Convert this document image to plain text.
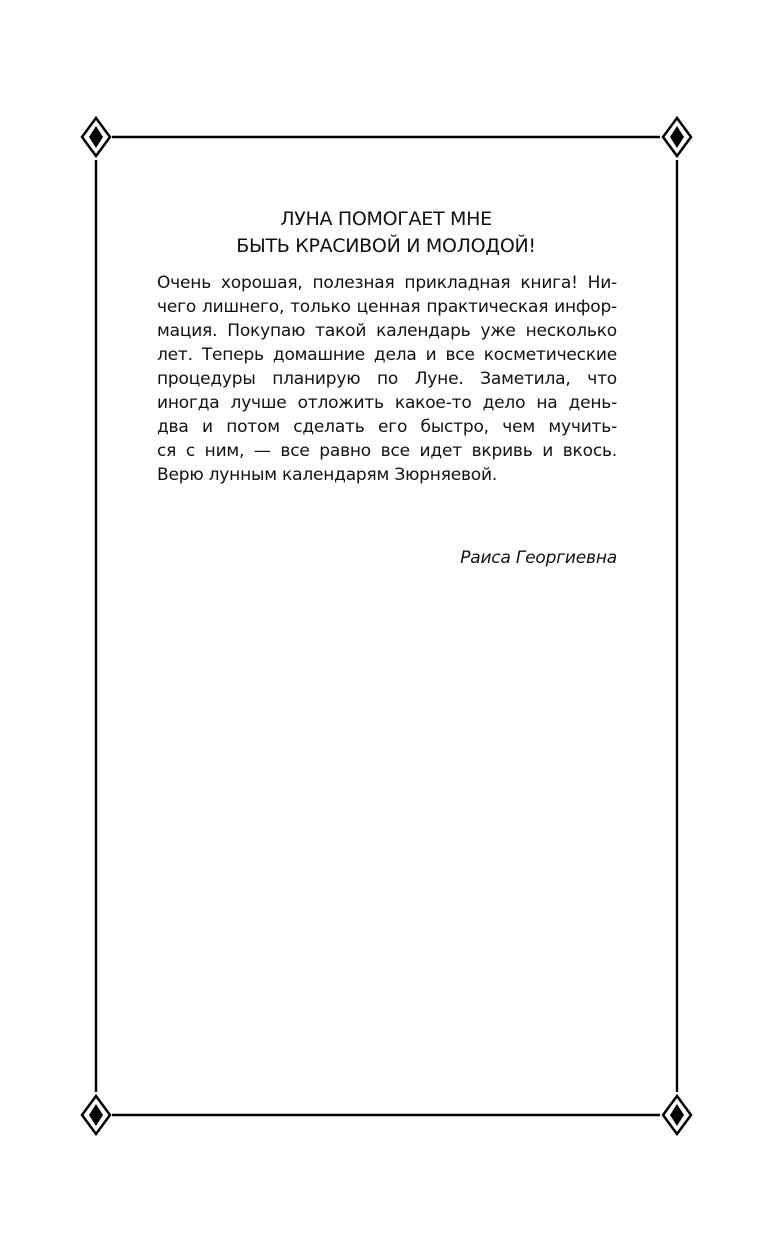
ЛУНА ПОМОГАЕТ МНЕ
БЫТЬ КРАСИВОЙ И МОЛОДОЙ!
Очень хорошая, полезная прикладная книга! Ни-
чего лишнего, только ценная практическая инфор-
мация. Покупаю такой календарь уже несколько
лет. Теперь домашние дела и все косметические
процедуры планирую по Луне. Заметила, что
иногда лучше отложить какое-то дело на день-
два и потом сделать его быстро, чем мучить-
ся с ним, — все равно все идет вкривь и вкось.
Верю лунным календарям Зюрняевой.
Раиса Георгиевна
